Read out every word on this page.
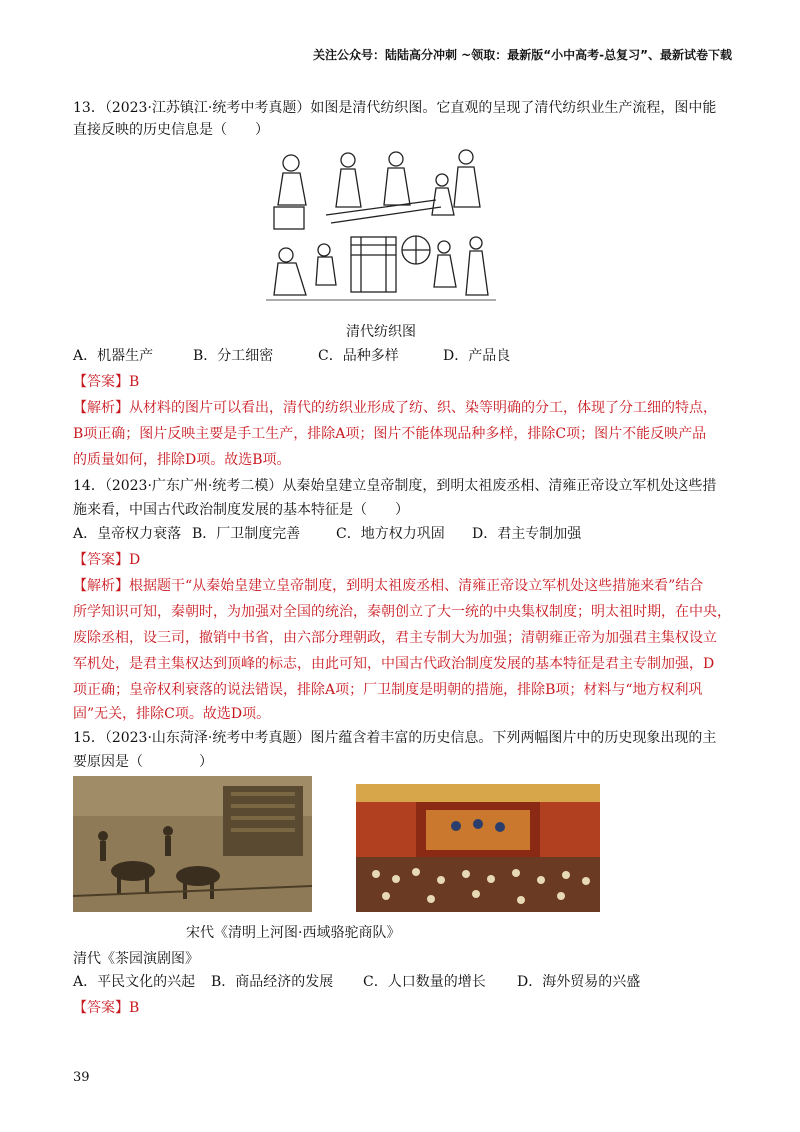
关注公众号：陆陆高分冲刺 ~领取：最新版“小中高考-总复习”、最新试卷下载
13．（2023·江苏镇江·统考中考真题）如图是清代纺织图。它直观的呈现了清代纺织业生产流程，图中能
直接反映的历史信息是（　　）
清代纺织图
A．机器生产	B．分工细密	C．品种多样	D．产品良
【答案】B
【解析】从材料的图片可以看出，清代的纺织业形成了纺、织、染等明确的分工，体现了分工细的特点，
B项正确；图片反映主要是手工生产，排除A项；图片不能体现品种多样，排除C项；图片不能反映产品
的质量如何，排除D项。故选B项。
14．（2023·广东广州·统考二模）从秦始皇建立皇帝制度，到明太祖废丞相、清雍正帝设立军机处这些措
施来看，中国古代政治制度发展的基本特征是（　　）
A．皇帝权力衰落 B．厂卫制度完善	C．地方权力巩固 D．君主专制加强
【答案】D
【解析】根据题干“从秦始皇建立皇帝制度，到明太祖废丞相、清雍正帝设立军机处这些措施来看”结合
所学知识可知，秦朝时，为加强对全国的统治，秦朝创立了大一统的中央集权制度；明太祖时期，在中央，
废除丞相，设三司，撤销中书省，由六部分理朝政，君主专制大为加强；清朝雍正帝为加强君主集权设立
军机处，是君主集权达到顶峰的标志，由此可知，中国古代政治制度发展的基本特征是君主专制加强，D
项正确；皇帝权利衰落的说法错误，排除A项；厂卫制度是明朝的措施，排除B项；材料与“地方权利巩
固”无关，排除C项。故选D项。
15．（2023·山东菏泽·统考中考真题）图片蕴含着丰富的历史信息。下列两幅图片中的历史现象出现的主
要原因是（　　　　）
宋代《清明上河图·西域骆驼商队》
清代《茶园演剧图》
A．平民文化的兴起 B．商品经济的发展 C．人口数量的增长 D．海外贸易的兴盛
【答案】B
39
